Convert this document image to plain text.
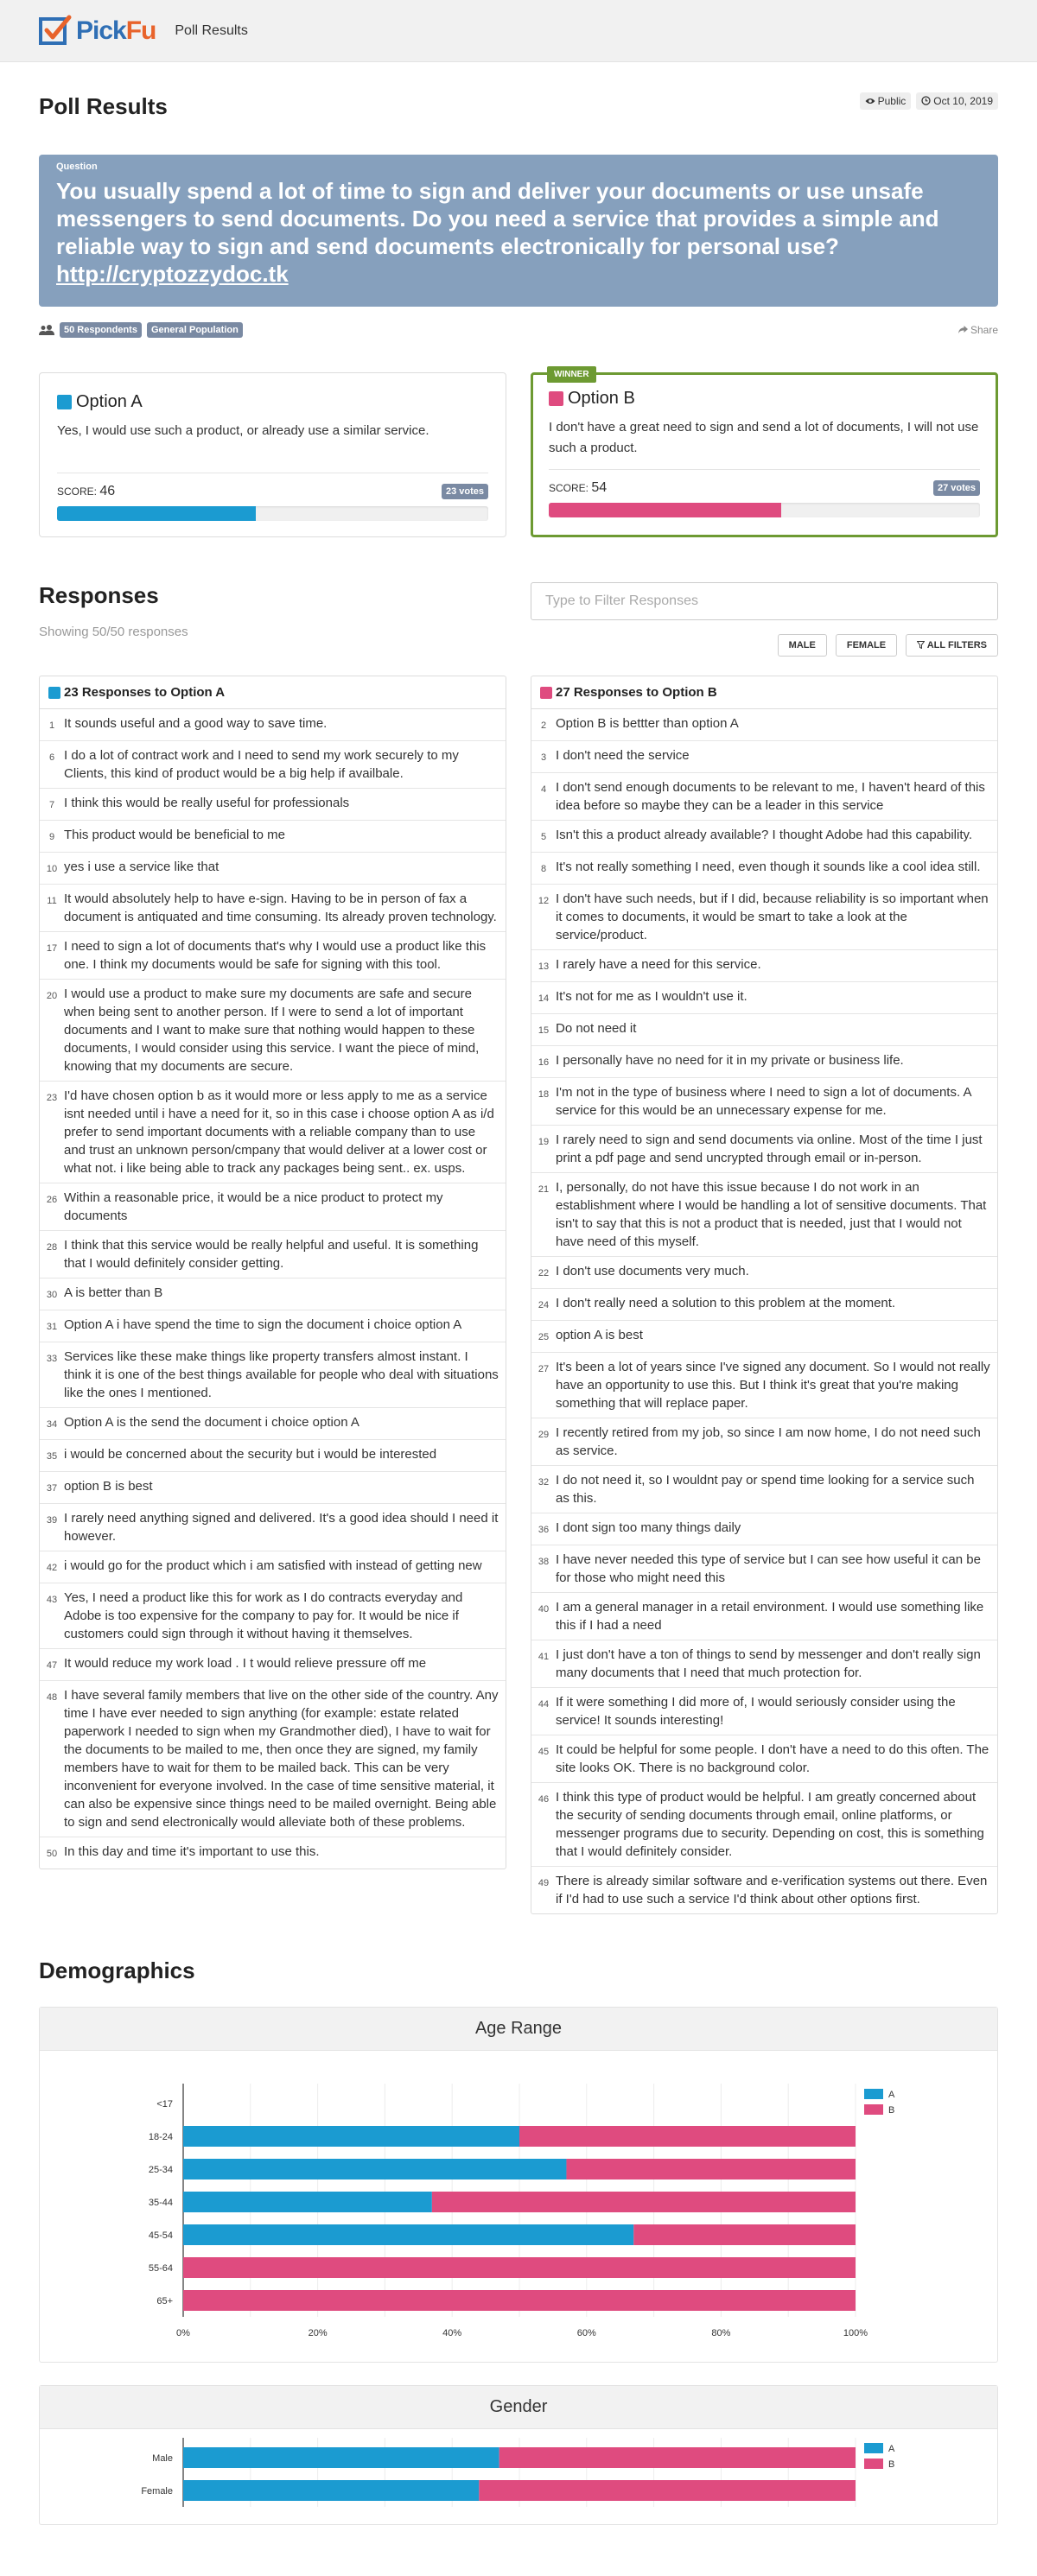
PickFu Poll Results
Poll Results	Public	Oct 10, 2019
Question
You usually spend a lot of time to sign and deliver your documents or use unsafe messengers to send documents. Do you need a service that provides a simple and reliable way to sign and send documents electronically for personal use? http://cryptozzydoc.tk
50 Respondents	General Population	Share
Option A
Yes, I would use such a product, or already use a similar service.
SCORE: 46	23 votes
WINNER
Option B
I don't have a great need to sign and send a lot of documents, I will not use such a product.
SCORE: 54	27 votes
Responses
Showing 50/50 responses
Type to Filter Responses
MALE	FEMALE	ALL FILTERS
23 Responses to Option A
1 It sounds useful and a good way to save time.
6 I do a lot of contract work and I need to send my work securely to my Clients, this kind of product would be a big help if availbale.
7 I think this would be really useful for professionals
9 This product would be beneficial to me
10 yes i use a service like that
11 It would absolutely help to have e-sign. Having to be in person of fax a document is antiquated and time consuming. Its already proven technology.
17 I need to sign a lot of documents that's why I would use a product like this one. I think my documents would be safe for signing with this tool.
20 I would use a product to make sure my documents are safe and secure when being sent to another person. If I were to send a lot of important documents and I want to make sure that nothing would happen to these documents, I would consider using this service. I want the piece of mind, knowing that my documents are secure.
23 I'd have chosen option b as it would more or less apply to me as a service isnt needed until i have a need for it, so in this case i choose option A as i/d prefer to send important documents with a reliable company than to use and trust an unknown person/cmpany that would deliver at a lower cost or what not. i like being able to track any packages being sent.. ex. usps.
26 Within a reasonable price, it would be a nice product to protect my documents
28 I think that this service would be really helpful and useful. It is something that I would definitely consider getting.
30 A is better than B
31 Option A i have spend the time to sign the document i choice option A
33 Services like these make things like property transfers almost instant. I think it is one of the best things available for people who deal with situations like the ones I mentioned.
34 Option A is the send the document i choice option A
35 i would be concerned about the security but i would be interested
37 option B is best
39 I rarely need anything signed and delivered. It's a good idea should I need it however.
42 i would go for the product which i am satisfied with instead of getting new
43 Yes, I need a product like this for work as I do contracts everyday and Adobe is too expensive for the company to pay for. It would be nice if customers could sign through it without having it themselves.
47 It would reduce my work load . I t would relieve pressure off me
48 I have several family members that live on the other side of the country. Any time I have ever needed to sign anything (for example: estate related paperwork I needed to sign when my Grandmother died), I have to wait for the documents to be mailed to me, then once they are signed, my family members have to wait for them to be mailed back. This can be very inconvenient for everyone involved. In the case of time sensitive material, it can also be expensive since things need to be mailed overnight. Being able to sign and send electronically would alleviate both of these problems.
50 In this day and time it's important to use this.
27 Responses to Option B
2 Option B is bettter than option A
3 I don't need the service
4 I don't send enough documents to be relevant to me, I haven't heard of this idea before so maybe they can be a leader in this service
5 Isn't this a product already available? I thought Adobe had this capability.
8 It's not really something I need, even though it sounds like a cool idea still.
12 I don't have such needs, but if I did, because reliability is so important when it comes to documents, it would be smart to take a look at the service/product.
13 I rarely have a need for this service.
14 It's not for me as I wouldn't use it.
15 Do not need it
16 I personally have no need for it in my private or business life.
18 I'm not in the type of business where I need to sign a lot of documents. A service for this would be an unnecessary expense for me.
19 I rarely need to sign and send documents via online. Most of the time I just print a pdf page and send uncrypted through email or in-person.
21 I, personally, do not have this issue because I do not work in an establishment where I would be handling a lot of sensitive documents. That isn't to say that this is not a product that is needed, just that I would not have need of this myself.
22 I don't use documents very much.
24 I don't really need a solution to this problem at the moment.
25 option A is best
27 It's been a lot of years since I've signed any document. So I would not really have an opportunity to use this. But I think it's great that you're making something that will replace paper.
29 I recently retired from my job, so since I am now home, I do not need such as service.
32 I do not need it, so I wouldnt pay or spend time looking for a service such as this.
36 I dont sign too many things daily
38 I have never needed this type of service but I can see how useful it can be for those who might need this
40 I am a general manager in a retail environment. I would use something like this if I had a need
41 I just don't have a ton of things to send by messenger and don't really sign many documents that I need that much protection for.
44 If it were something I did more of, I would seriously consider using the service! It sounds interesting!
45 It could be helpful for some people. I don't have a need to do this often. The site looks OK. There is no background color.
46 I think this type of product would be helpful. I am greatly concerned about the security of sending documents through email, online platforms, or messenger programs due to security. Depending on cost, this is something that I would definitely consider.
49 There is already similar software and e-verification systems out there. Even if I'd had to use such a service I'd think about other options first.
Demographics
Age Range
<17
18-24
25-34
35-44
45-54
55-64
65+
0%	20%	40%	60%	80%	100%
A
B
Gender
Male
Female
A
B
